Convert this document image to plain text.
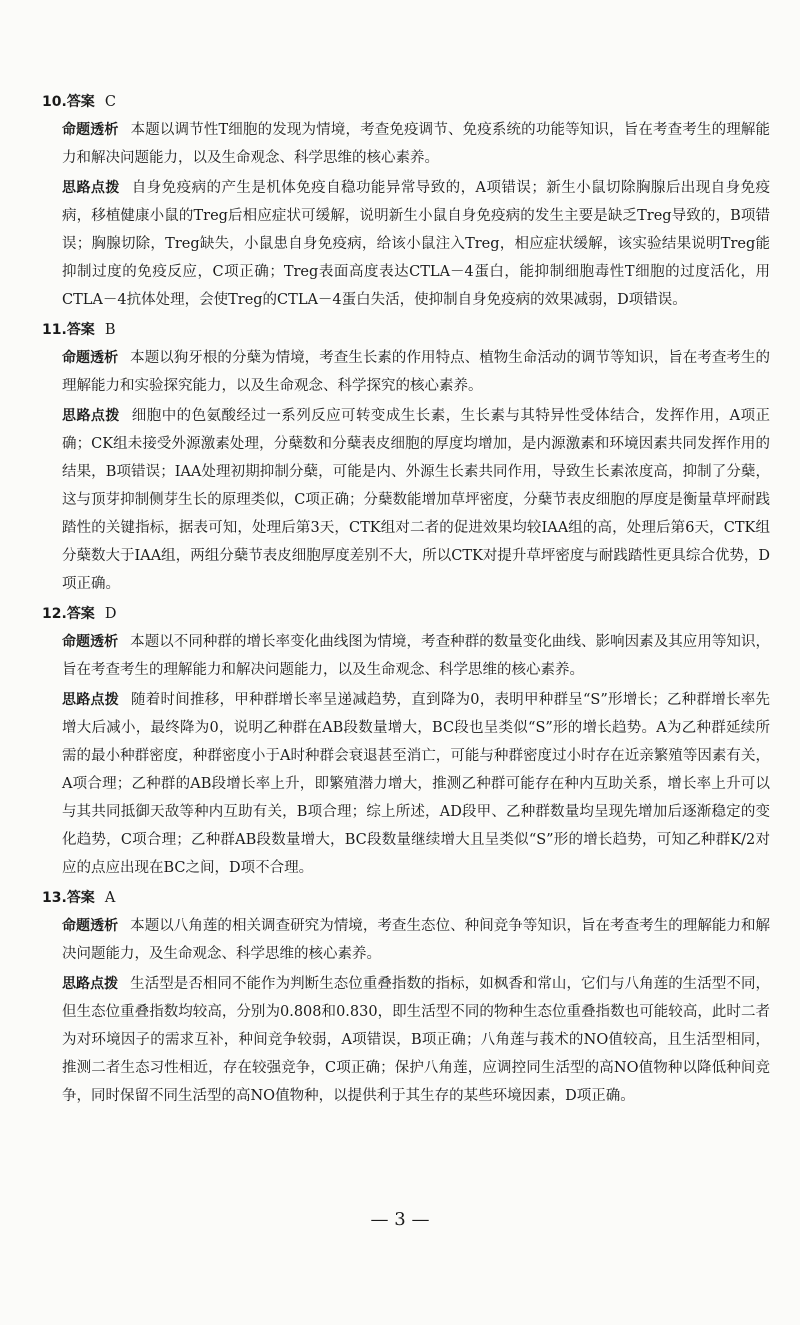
10.答案 C

命题透析 本题以调节性T细胞的发现为情境，考查免疫调节、免疫系统的功能等知识，旨在考查考生的理解能力和解决问题能力，以及生命观念、科学思维的核心素养。

思路点拨 自身免疫病的产生是机体免疫自稳功能异常导致的，A项错误；新生小鼠切除胸腺后出现自身免疫病，移植健康小鼠的Treg后相应症状可缓解，说明新生小鼠自身免疫病的发生主要是缺乏Treg导致的，B项错误；胸腺切除，Treg缺失，小鼠患自身免疫病，给该小鼠注入Treg，相应症状缓解，该实验结果说明Treg能抑制过度的免疫反应，C项正确；Treg表面高度表达CTLA－4蛋白，能抑制细胞毒性T细胞的过度活化，用CTLA－4抗体处理，会使Treg的CTLA－4蛋白失活，使抑制自身免疫病的效果减弱，D项错误。

11.答案 B

命题透析 本题以狗牙根的分蘖为情境，考查生长素的作用特点、植物生命活动的调节等知识，旨在考查考生的理解能力和实验探究能力，以及生命观念、科学探究的核心素养。

思路点拨 细胞中的色氨酸经过一系列反应可转变成生长素，生长素与其特异性受体结合，发挥作用，A项正确；CK组未接受外源激素处理，分蘖数和分蘖表皮细胞的厚度均增加，是内源激素和环境因素共同发挥作用的结果，B项错误；IAA处理初期抑制分蘖，可能是内、外源生长素共同作用，导致生长素浓度高，抑制了分蘖，这与顶芽抑制侧芽生长的原理类似，C项正确；分蘖数能增加草坪密度，分蘖节表皮细胞的厚度是衡量草坪耐践踏性的关键指标，据表可知，处理后第3天，CTK组对二者的促进效果均较IAA组的高，处理后第6天，CTK组分蘖数大于IAA组，两组分蘖节表皮细胞厚度差别不大，所以CTK对提升草坪密度与耐践踏性更具综合优势，D项正确。

12.答案 D

命题透析 本题以不同种群的增长率变化曲线图为情境，考查种群的数量变化曲线、影响因素及其应用等知识，旨在考查考生的理解能力和解决问题能力，以及生命观念、科学思维的核心素养。

思路点拨 随着时间推移，甲种群增长率呈递减趋势，直到降为0，表明甲种群呈“S”形增长；乙种群增长率先增大后减小，最终降为0，说明乙种群在AB段数量增大，BC段也呈类似“S”形的增长趋势。A为乙种群延续所需的最小种群密度，种群密度小于A时种群会衰退甚至消亡，可能与种群密度过小时存在近亲繁殖等因素有关，A项合理；乙种群的AB段增长率上升，即繁殖潜力增大，推测乙种群可能存在种内互助关系，增长率上升可以与其共同抵御天敌等种内互助有关，B项合理；综上所述，AD段甲、乙种群数量均呈现先增加后逐渐稳定的变化趋势，C项合理；乙种群AB段数量增大，BC段数量继续增大且呈类似“S”形的增长趋势，可知乙种群K/2对应的点应出现在BC之间，D项不合理。

13.答案 A

命题透析 本题以八角莲的相关调查研究为情境，考查生态位、种间竞争等知识，旨在考查考生的理解能力和解决问题能力，及生命观念、科学思维的核心素养。

思路点拨 生活型是否相同不能作为判断生态位重叠指数的指标，如枫香和常山，它们与八角莲的生活型不同，但生态位重叠指数均较高，分别为0.808和0.830，即生活型不同的物种生态位重叠指数也可能较高，此时二者为对环境因子的需求互补，种间竞争较弱，A项错误，B项正确；八角莲与莪术的NO值较高，且生活型相同，推测二者生态习性相近，存在较强竞争，C项正确；保护八角莲，应调控同生活型的高NO值物种以降低种间竞争，同时保留不同生活型的高NO值物种，以提供利于其生存的某些环境因素，D项正确。

— 3 —
